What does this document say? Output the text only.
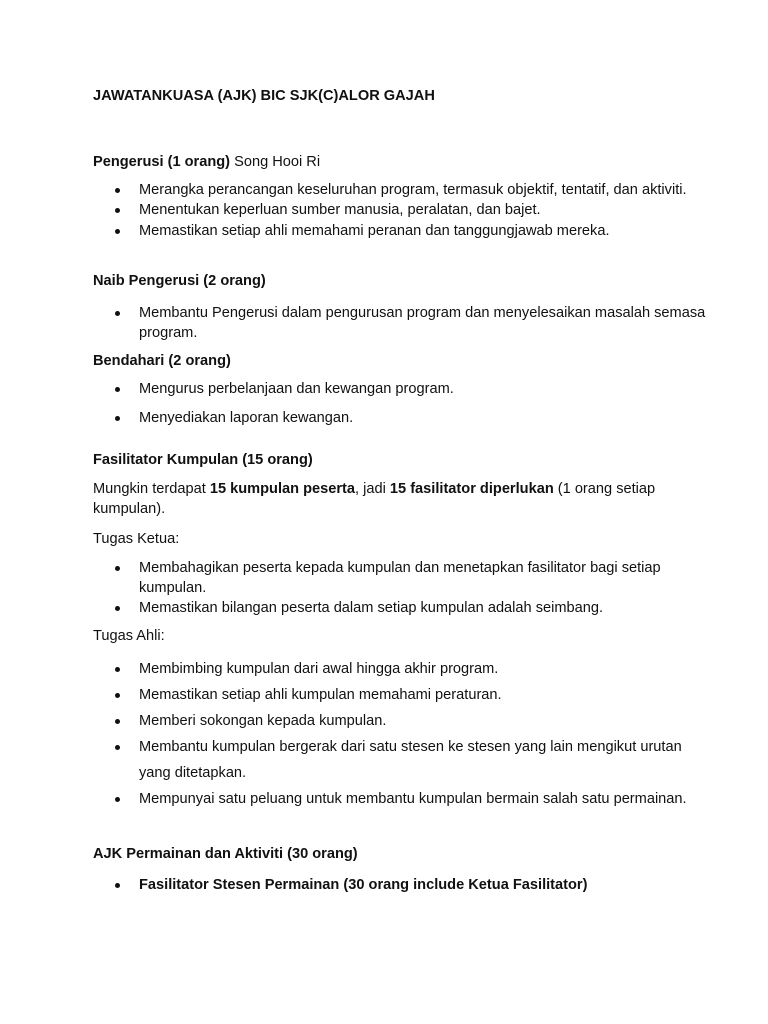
JAWATANKUASA (AJK) BIC SJK(C)ALOR GAJAH
Pengerusi (1 orang) Song Hooi Ri
Merangka perancangan keseluruhan program, termasuk objektif, tentatif, dan aktiviti.
Menentukan keperluan sumber manusia, peralatan, dan bajet.
Memastikan setiap ahli memahami peranan dan tanggungjawab mereka.
Naib Pengerusi (2 orang)
Membantu Pengerusi dalam pengurusan program dan menyelesaikan masalah semasa program.
Bendahari (2 orang)
Mengurus perbelanjaan dan kewangan program.
Menyediakan laporan kewangan.
Fasilitator Kumpulan (15 orang)

Mungkin terdapat 15 kumpulan peserta, jadi 15 fasilitator diperlukan (1 orang setiap kumpulan).

Tugas Ketua:

Membahagikan peserta kepada kumpulan dan menetapkan fasilitator bagi setiap kumpulan.
Memastikan bilangan peserta dalam setiap kumpulan adalah seimbang.

Tugas Ahli:

Membimbing kumpulan dari awal hingga akhir program.
Memastikan setiap ahli kumpulan memahami peraturan.
Memberi sokongan kepada kumpulan.
Membantu kumpulan bergerak dari satu stesen ke stesen yang lain mengikut urutan yang ditetapkan.
Mempunyai satu peluang untuk membantu kumpulan bermain salah satu permainan.
AJK Permainan dan Aktiviti (30 orang)
Fasilitator Stesen Permainan (30 orang include Ketua Fasilitator)
